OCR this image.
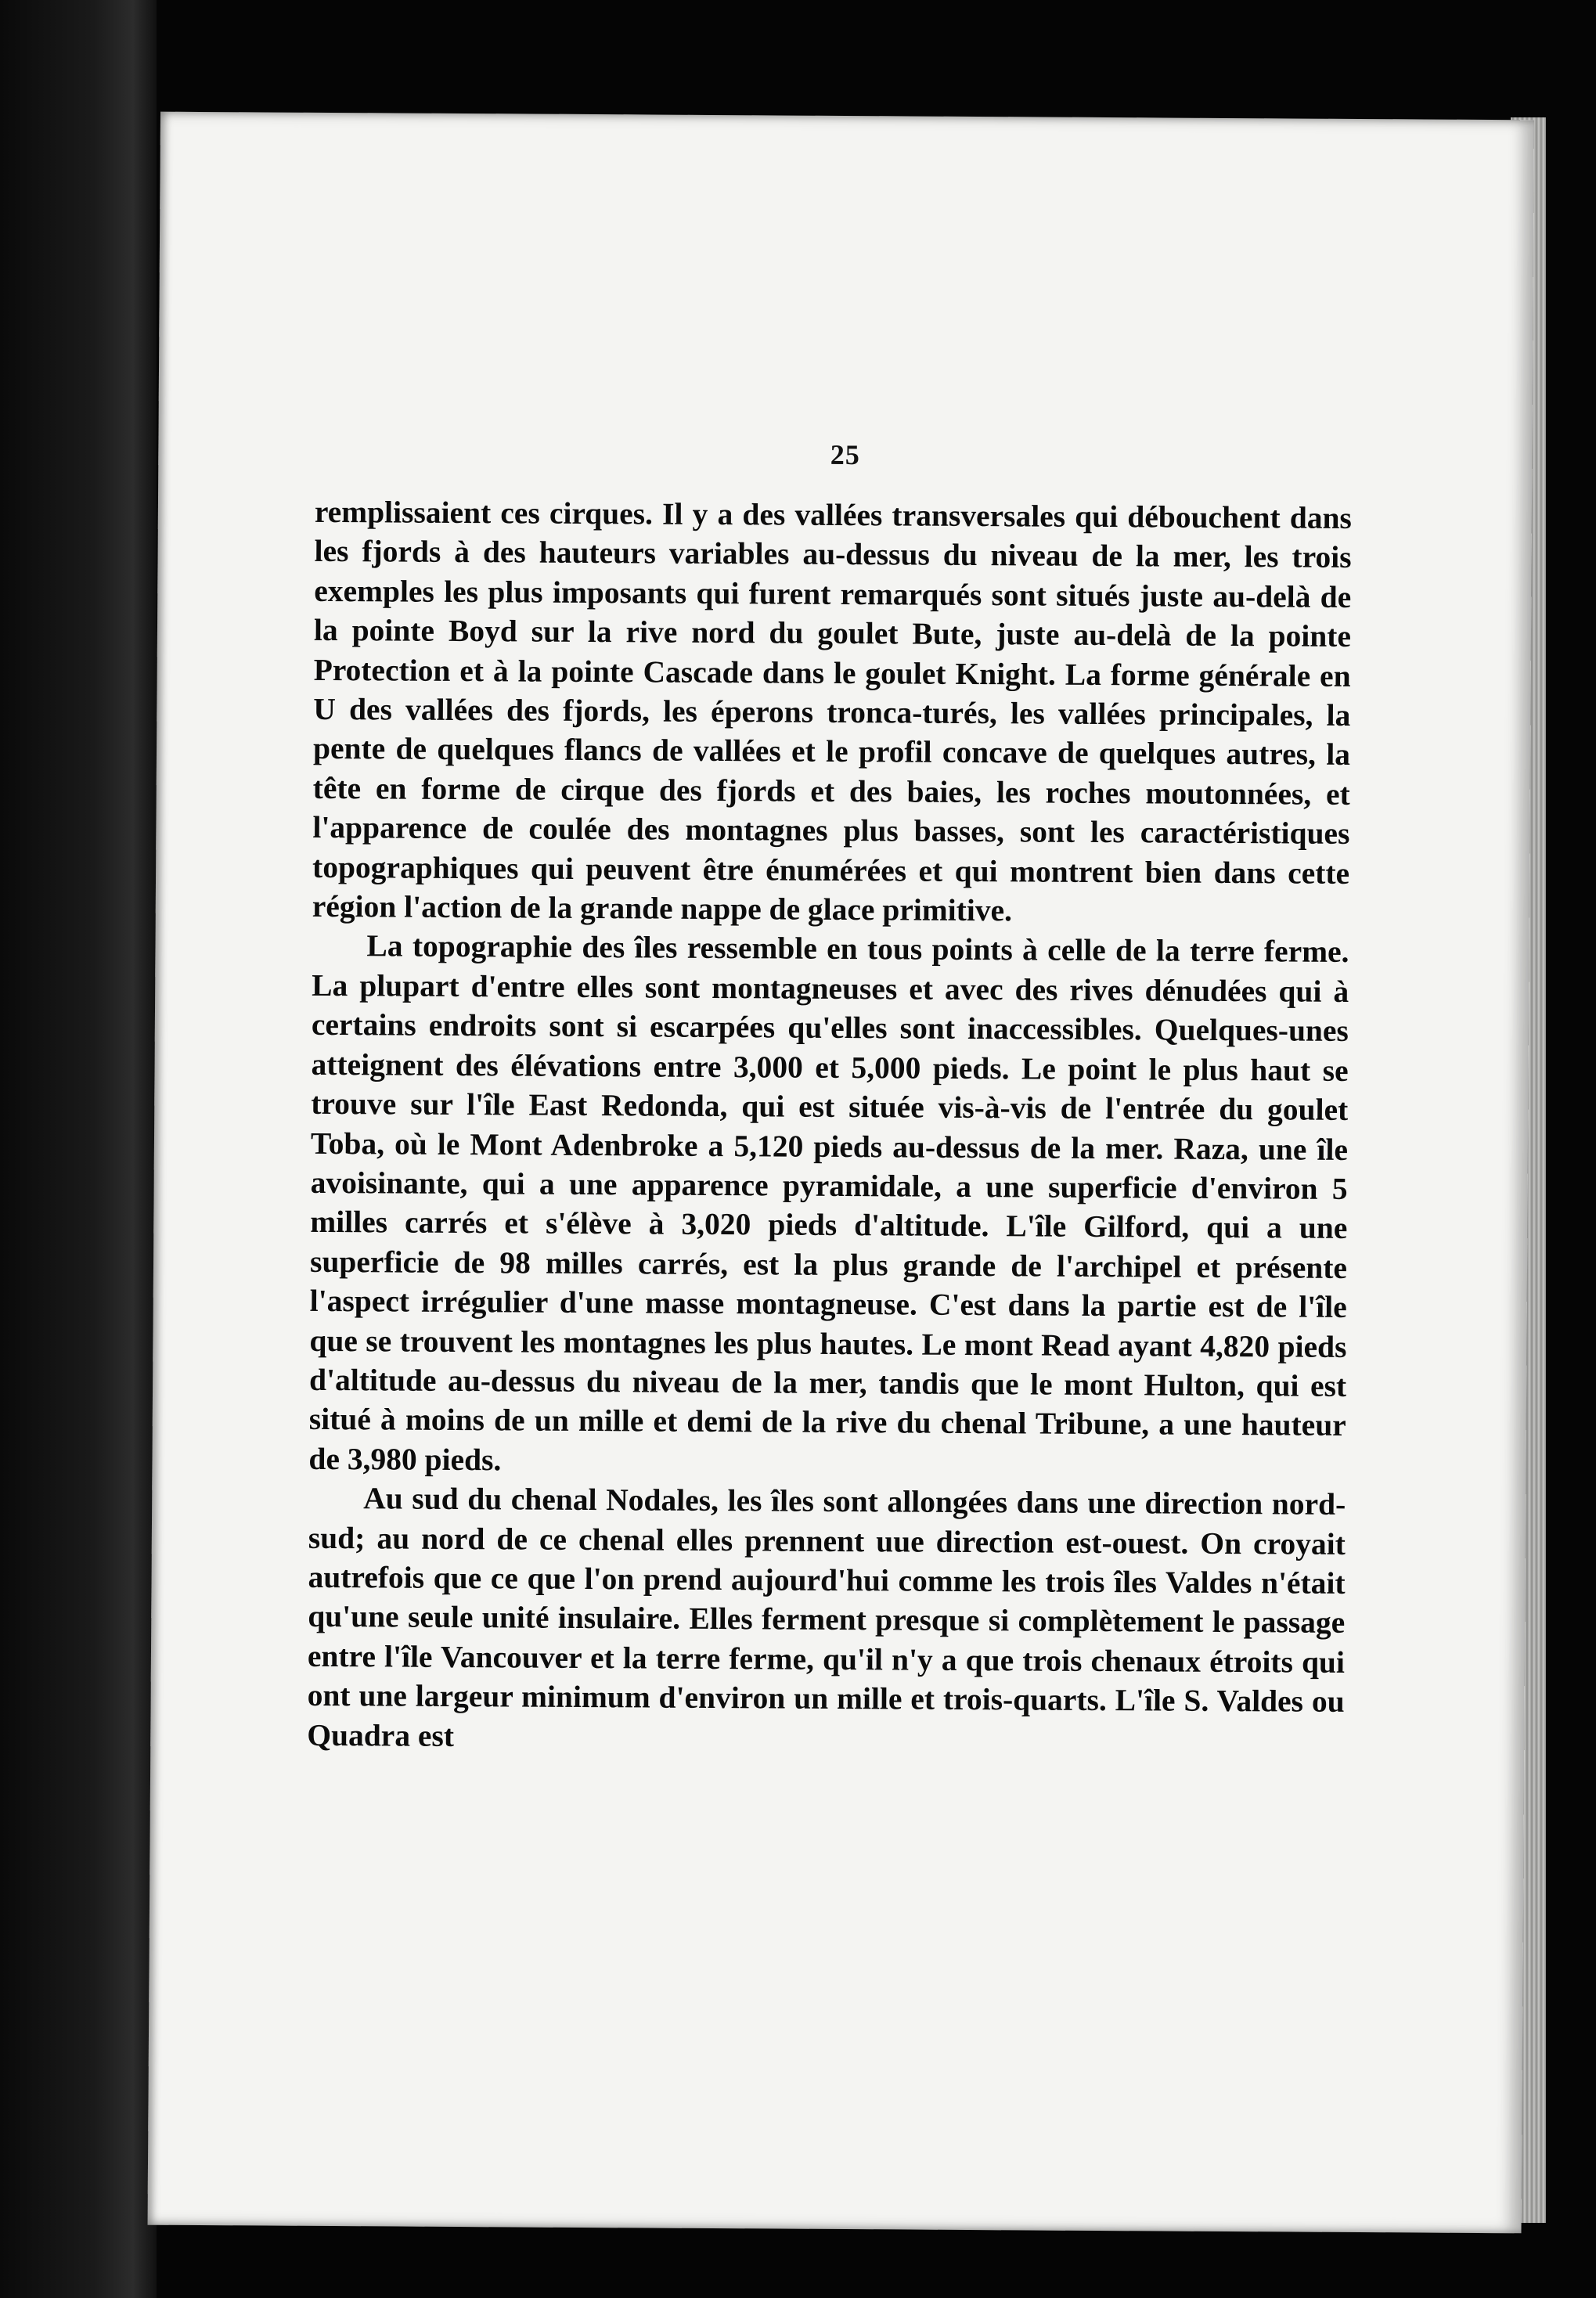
25

remplissaient ces cirques. Il y a des vallées transversales qui débouchent dans les fjords à des hauteurs variables au-dessus du niveau de la mer, les trois exemples les plus imposants qui furent remarqués sont situés juste au-delà de la pointe Boyd sur la rive nord du goulet Bute, juste au-delà de la pointe Protection et à la pointe Cascade dans le goulet Knight. La forme générale en U des vallées des fjords, les éperons tronca-turés, les vallées principales, la pente de quelques flancs de vallées et le profil concave de quelques autres, la tête en forme de cirque des fjords et des baies, les roches moutonnées, et l'apparence de coulée des montagnes plus basses, sont les caractéristiques topographiques qui peuvent être énumérées et qui montrent bien dans cette région l'action de la grande nappe de glace primitive.

La topographie des îles ressemble en tous points à celle de la terre ferme. La plupart d'entre elles sont montagneuses et avec des rives dénudées qui à certains endroits sont si escarpées qu'elles sont inaccessibles. Quelques-unes atteignent des élévations entre 3,000 et 5,000 pieds. Le point le plus haut se trouve sur l'île East Redonda, qui est située vis-à-vis de l'entrée du goulet Toba, où le Mont Adenbroke a 5,120 pieds au-dessus de la mer. Raza, une île avoisinante, qui a une apparence pyramidale, a une superficie d'environ 5 milles carrés et s'élève à 3,020 pieds d'altitude. L'île Gilford, qui a une superficie de 98 milles carrés, est la plus grande de l'archipel et présente l'aspect irrégulier d'une masse montagneuse. C'est dans la partie est de l'île que se trouvent les montagnes les plus hautes. Le mont Read ayant 4,820 pieds d'altitude au-dessus du niveau de la mer, tandis que le mont Hulton, qui est situé à moins de un mille et demi de la rive du chenal Tribune, a une hauteur de 3,980 pieds.

Au sud du chenal Nodales, les îles sont allongées dans une direction nord-sud; au nord de ce chenal elles prennent uue direction est-ouest. On croyait autrefois que ce que l'on prend aujourd'hui comme les trois îles Valdes n'était qu'une seule unité insulaire. Elles ferment presque si complètement le passage entre l'île Vancouver et la terre ferme, qu'il n'y a que trois chenaux étroits qui ont une largeur minimum d'environ un mille et trois-quarts. L'île S. Valdes ou Quadra est
